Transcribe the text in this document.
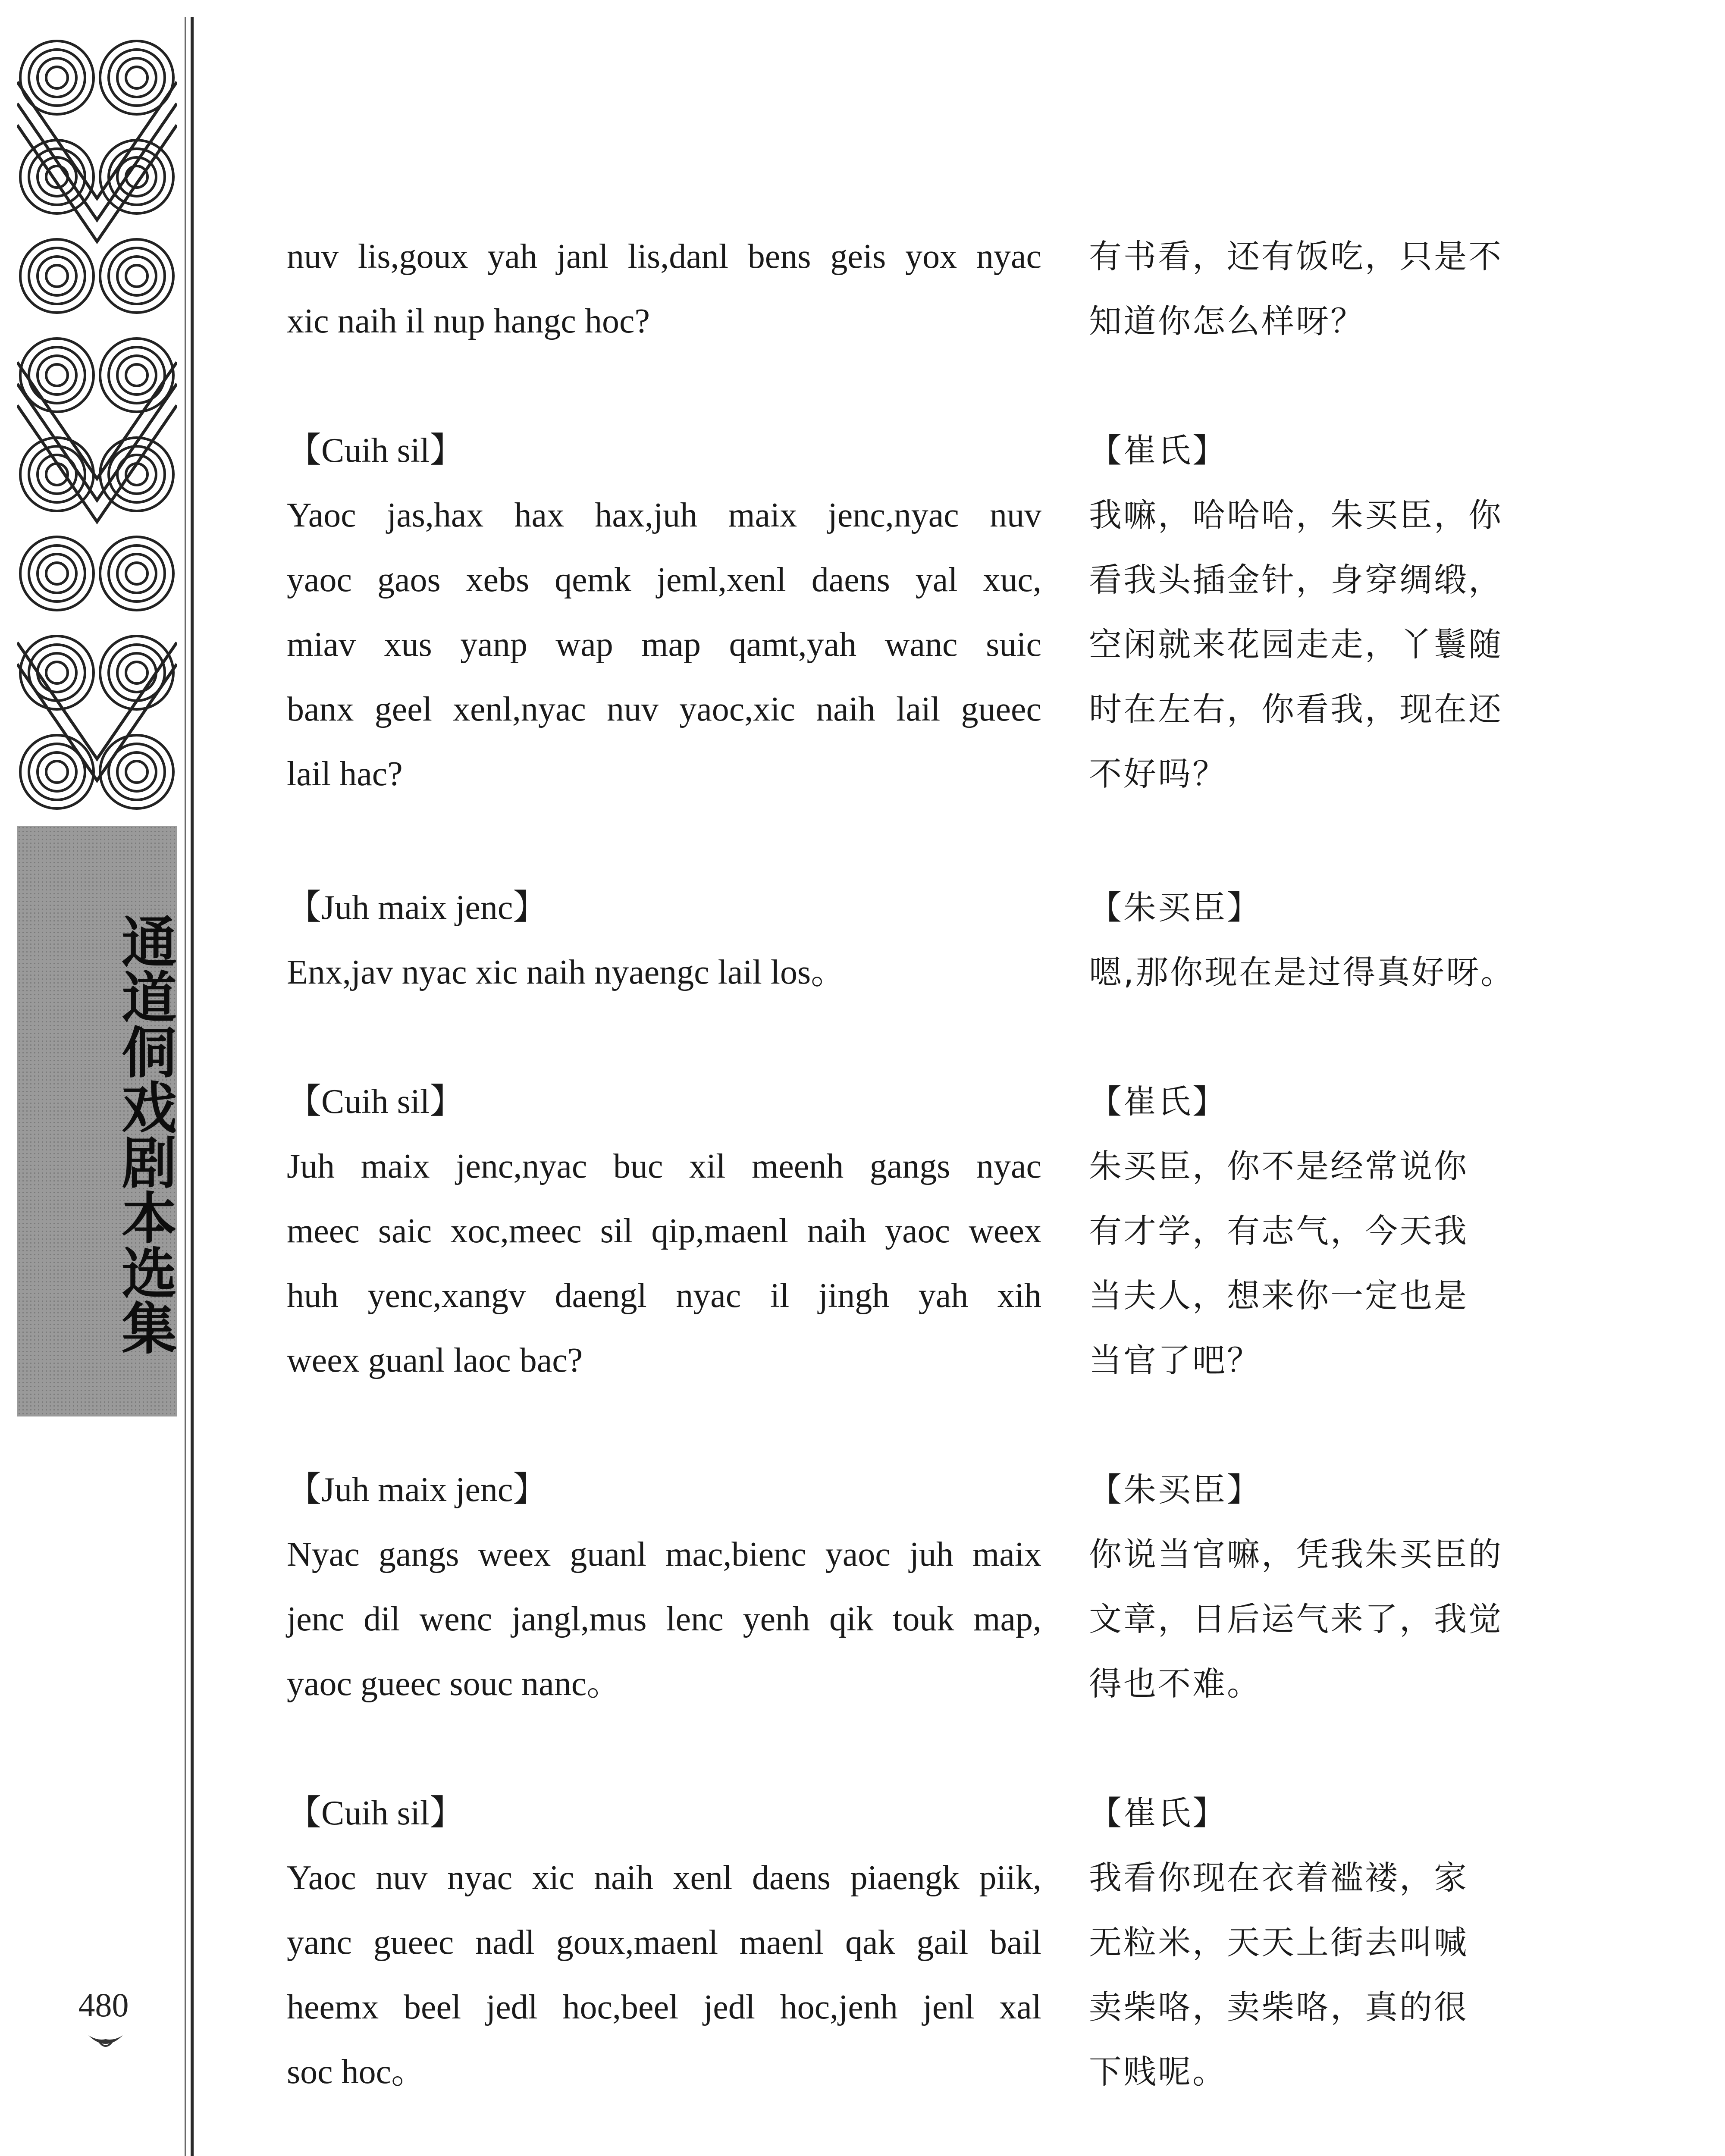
通道侗戏剧本选集
480
nuv lis,goux yah janl lis,danl bens geis yox nyac
xic naih il nup hangc hoc?
有书看，还有饭吃，只是不
知道你怎么样呀？
【Cuih sil】
Yaoc jas,hax hax hax,juh maix jenc,nyac nuv
yaoc gaos xebs qemk jeml,xenl daens yal xuc,
miav xus yanp wap map qamt,yah wanc suic
banx geel xenl,nyac nuv yaoc,xic naih lail gueec
lail hac?
【崔氏】
我嘛，哈哈哈，朱买臣，你
看我头插金针，身穿绸缎，
空闲就来花园走走，丫鬟随
时在左右，你看我，现在还
不好吗？
【Juh maix jenc】
Enx,jav nyac xic naih nyaengc lail los。
【朱买臣】
嗯,那你现在是过得真好呀。
【Cuih sil】
Juh maix jenc,nyac buc xil meenh gangs nyac
meec saic xoc,meec sil qip,maenl naih yaoc weex
huh yenc,xangv daengl nyac il jingh yah xih
weex guanl laoc bac?
【崔氏】
朱买臣，你不是经常说你
有才学，有志气，今天我
当夫人，想来你一定也是
当官了吧？
【Juh maix jenc】
Nyac gangs weex guanl mac,bienc yaoc juh maix
jenc dil wenc jangl,mus lenc yenh qik touk map,
yaoc gueec souc nanc。
【朱买臣】
你说当官嘛，凭我朱买臣的
文章，日后运气来了，我觉
得也不难。
【Cuih sil】
Yaoc nuv nyac xic naih xenl daens piaengk piik,
yanc gueec nadl goux,maenl maenl qak gail bail
heemx beel jedl hoc,beel jedl hoc,jenh jenl xal
soc hoc。
【崔氏】
我看你现在衣着褴褛，家
无粒米，天天上街去叫喊
卖柴咯，卖柴咯，真的很
下贱呢。
